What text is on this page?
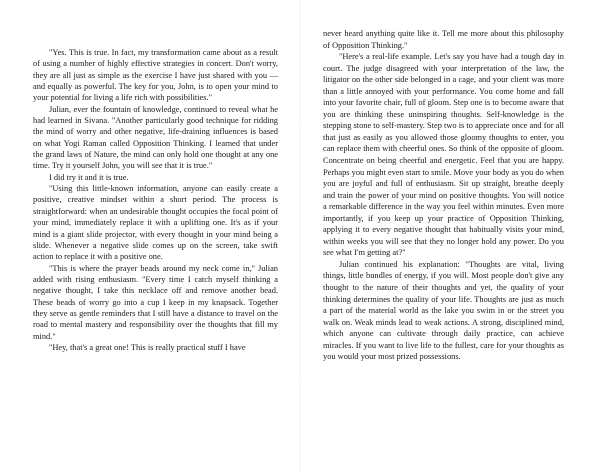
"Yes. This is true. In fact, my transformation came about as a result of using a number of highly effective strategies in concert. Don't worry, they are all just as simple as the exercise I have just shared with you — and equally as powerful. The key for you, John, is to open your mind to your potential for living a life rich with possibilities."

Julian, ever the fountain of knowledge, continued to reveal what he had learned in Sivana. "Another particularly good technique for ridding the mind of worry and other negative, life-draining influences is based on what Yogi Raman called Opposition Thinking. I learned that under the grand laws of Nature, the mind can only hold one thought at any one time. Try it yourself John, you will see that it is true."

I did try it and it is true.

"Using this little-known information, anyone can easily create a positive, creative mindset within a short period. The process is straightforward: when an undesirable thought occupies the focal point of your mind, immediately replace it with a uplifting one. It's as if your mind is a giant slide projector, with every thought in your mind being a slide. Whenever a negative slide comes up on the screen, take swift action to replace it with a positive one.

"This is where the prayer beads around my neck come in," Julian added with rising enthusiasm. "Every time I catch myself thinking a negative thought, I take this necklace off and remove another bead. These beads of worry go into a cup I keep in my knapsack. Together they serve as gentle reminders that I still have a distance to travel on the road to mental mastery and responsibility over the thoughts that fill my mind."

"Hey, that's a great one! This is really practical stuff I have

never heard anything quite like it. Tell me more about this philosophy of Opposition Thinking."

"Here's a real-life example. Let's say you have had a tough day in court. The judge disagreed with your interpretation of the law, the litigator on the other side belonged in a cage, and your client was more than a little annoyed with your performance. You come home and fall into your favorite chair, full of gloom. Step one is to become aware that you are thinking these uninspiring thoughts. Self-knowledge is the stepping stone to self-mastery. Step two is to appreciate once and for all that just as easily as you allowed those gloomy thoughts to enter, you can replace them with cheerful ones. So think of the opposite of gloom. Concentrate on being cheerful and energetic. Feel that you are happy. Perhaps you might even start to smile. Move your body as you do when you are joyful and full of enthusiasm. Sit up straight, breathe deeply and train the power of your mind on positive thoughts. You will notice a remarkable difference in the way you feel within minutes. Even more importantly, if you keep up your practice of Opposition Thinking, applying it to every negative thought that habitually visits your mind, within weeks you will see that they no longer hold any power. Do you see what I'm getting at?"

Julian continued his explanation: "Thoughts are vital, living things, little bundles of energy, if you will. Most people don't give any thought to the nature of their thoughts and yet, the quality of your thinking determines the quality of your life. Thoughts are just as much a part of the material world as the lake you swim in or the street you walk on. Weak minds lead to weak actions. A strong, disciplined mind, which anyone can cultivate through daily practice, can achieve miracles. If you want to live life to the fullest, care for your thoughts as you would your most prized possessions.
